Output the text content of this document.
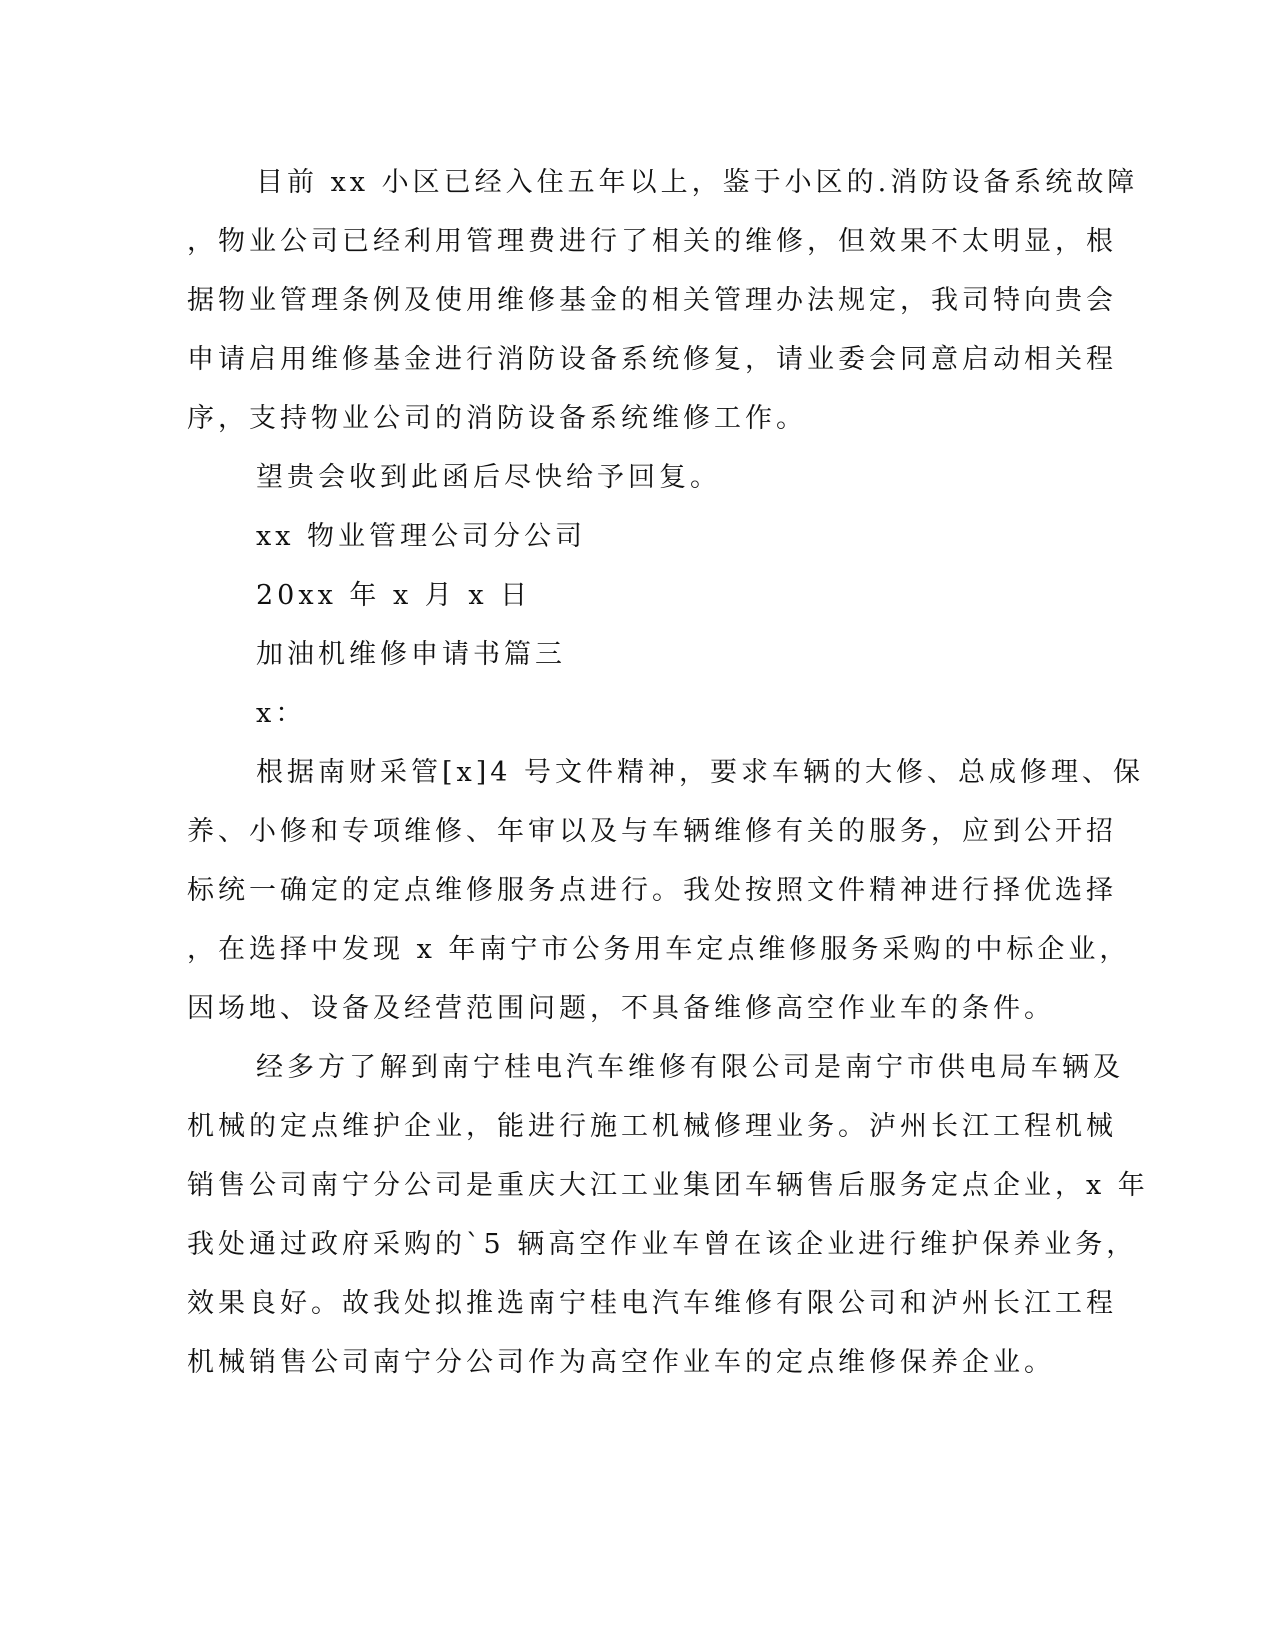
目前 xx 小区已经入住五年以上，鉴于小区的.消防设备系统故障
，物业公司已经利用管理费进行了相关的维修，但效果不太明显，根
据物业管理条例及使用维修基金的相关管理办法规定，我司特向贵会
申请启用维修基金进行消防设备系统修复，请业委会同意启动相关程
序，支持物业公司的消防设备系统维修工作。
望贵会收到此函后尽快给予回复。
xx 物业管理公司分公司
20xx 年 x 月 x 日
加油机维修申请书篇三
x：
根据南财采管[x]4 号文件精神，要求车辆的大修、总成修理、保
养、小修和专项维修、年审以及与车辆维修有关的服务，应到公开招
标统一确定的定点维修服务点进行。我处按照文件精神进行择优选择
，在选择中发现 x 年南宁市公务用车定点维修服务采购的中标企业，
因场地、设备及经营范围问题，不具备维修高空作业车的条件。
经多方了解到南宁桂电汽车维修有限公司是南宁市供电局车辆及
机械的定点维护企业，能进行施工机械修理业务。泸州长江工程机械
销售公司南宁分公司是重庆大江工业集团车辆售后服务定点企业，x 年
我处通过政府采购的`5 辆高空作业车曾在该企业进行维护保养业务，
效果良好。故我处拟推选南宁桂电汽车维修有限公司和泸州长江工程
机械销售公司南宁分公司作为高空作业车的定点维修保养企业。
